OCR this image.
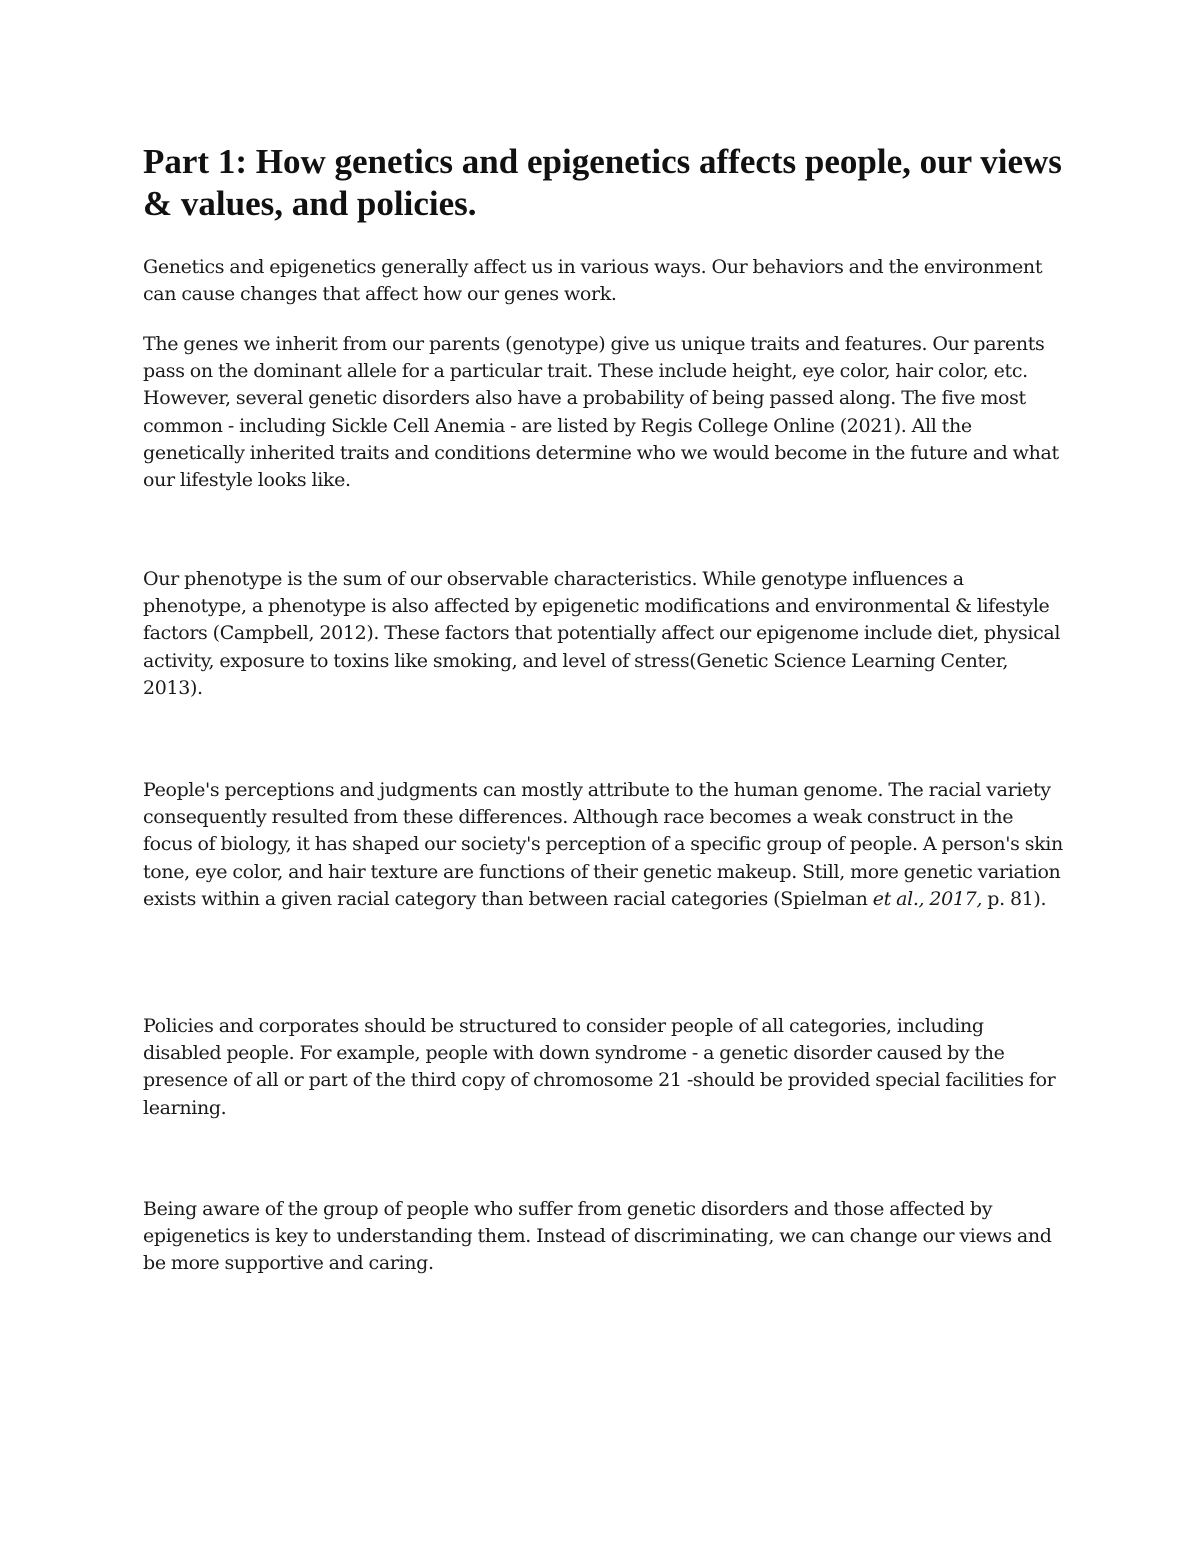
Part 1: How genetics and epigenetics affects people, our views & values, and policies.

Genetics and epigenetics generally affect us in various ways. Our behaviors and the environment can cause changes that affect how our genes work.

The genes we inherit from our parents (genotype) give us unique traits and features. Our parents pass on the dominant allele for a particular trait. These include height, eye color, hair color, etc. However, several genetic disorders also have a probability of being passed along. The five most common - including Sickle Cell Anemia - are listed by Regis College Online (2021). All the genetically inherited traits and conditions determine who we would become in the future and what our lifestyle looks like.

Our phenotype is the sum of our observable characteristics. While genotype influences a phenotype, a phenotype is also affected by epigenetic modifications and environmental & lifestyle factors (Campbell, 2012). These factors that potentially affect our epigenome include diet, physical activity, exposure to toxins like smoking, and level of stress(Genetic Science Learning Center, 2013).

People's perceptions and judgments can mostly attribute to the human genome. The racial variety consequently resulted from these differences. Although race becomes a weak construct in the focus of biology, it has shaped our society's perception of a specific group of people. A person's skin tone, eye color, and hair texture are functions of their genetic makeup. Still, more genetic variation exists within a given racial category than between racial categories (Spielman et al., 2017, p. 81).

Policies and corporates should be structured to consider people of all categories, including disabled people. For example, people with down syndrome - a genetic disorder caused by the presence of all or part of the third copy of chromosome 21 -should be provided special facilities for learning.

Being aware of the group of people who suffer from genetic disorders and those affected by epigenetics is key to understanding them. Instead of discriminating, we can change our views and be more supportive and caring.
